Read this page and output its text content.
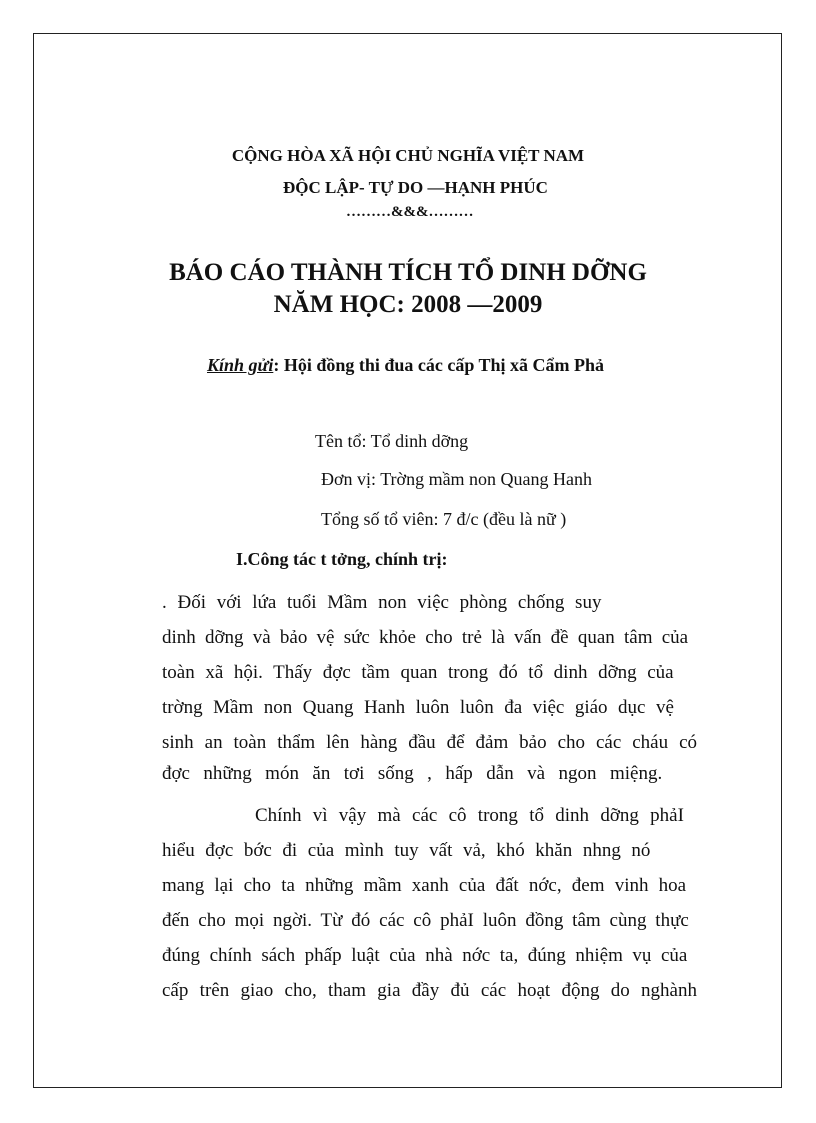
CỘNG HÒA XÃ HỘI CHỦ NGHĨA VIỆT NAM
ĐỘC LẬP- TỰ DO —HẠNH PHÚC
………&&&………
BÁO CÁO THÀNH TÍCH TỔ DINH DỠNG
NĂM HỌC: 2008 —2009
Kính gửi: Hội đồng thi đua các cấp Thị xã Cẩm Phả
Tên tổ: Tổ dinh dỡng
Đơn vị: Trờng mầm non Quang Hanh
Tổng số tổ viên: 7 đ/c (đều là nữ )
I.Công tác t tởng, chính trị:
. Đối với lứa tuổi Mầm non việc phòng chống suy
dinh dỡng và bảo vệ sức khỏe cho trẻ là vấn đề quan tâm của
toàn xã hội. Thấy đợc tầm quan trong đó tổ dinh dỡng của
trờng Mầm non Quang Hanh luôn luôn đa việc giáo dục vệ
sinh an toàn thẩm lên hàng đầu để đảm bảo cho các cháu có
đợc những món ăn tơi sống , hấp dẫn và ngon miệng.
Chính vì vậy mà các cô trong tổ dinh dỡng phảI
hiểu đợc bớc đi của mình tuy vất vả, khó khăn nhng nó
mang lại cho ta những mầm xanh của đất nớc, đem vinh hoa
đến cho mọi ngời. Từ đó các cô phảI luôn đồng tâm cùng thực
đúng chính sách phấp luật của nhà nớc ta, đúng nhiệm vụ của
cấp trên giao cho, tham gia đầy đủ các hoạt động do nghành
